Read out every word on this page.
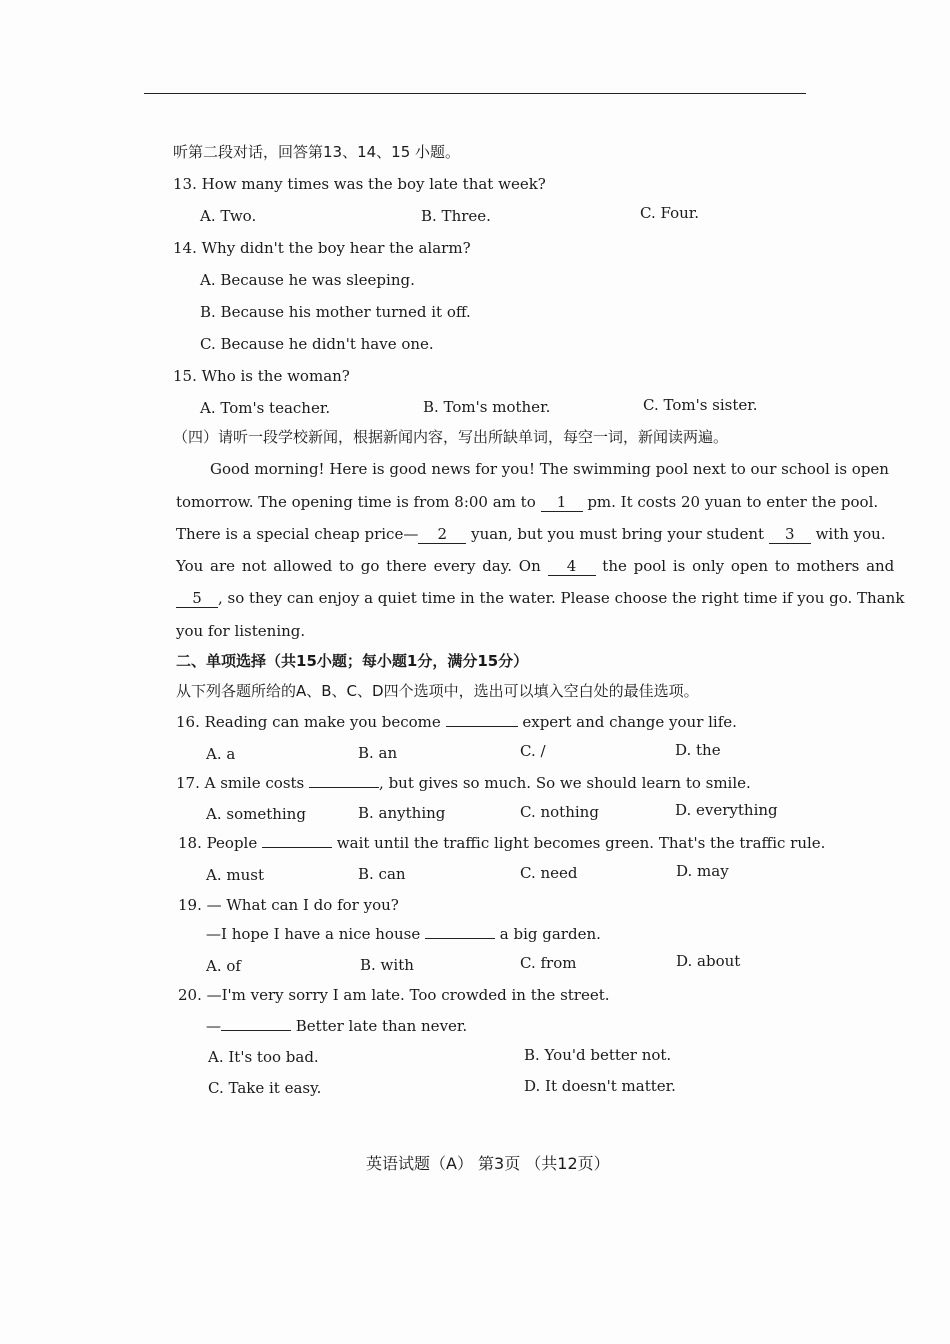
听第二段对话，回答第13、14、15 小题。
13. How many times was the boy late that week?
A. Two.	B. Three.	C. Four.
14. Why didn't the boy hear the alarm?
A. Because he was sleeping.
B. Because his mother turned it off.
C. Because he didn't have one.
15. Who is the woman?
A. Tom's teacher.	B. Tom's mother.	C. Tom's sister.
（四）请听一段学校新闻，根据新闻内容，写出所缺单词，每空一词，新闻读两遍。
Good morning! Here is good news for you! The swimming pool next to our school is open
tomorrow. The opening time is from 8:00 am to 1 pm. It costs 20 yuan to enter the pool.
There is a special cheap price— 2 yuan, but you must bring your student 3 with you.
You are not allowed to go there every day. On 4 the pool is only open to mothers and
5 , so they can enjoy a quiet time in the water. Please choose the right time if you go. Thank
you for listening.
二、单项选择（共15小题；每小题1分，满分15分）
从下列各题所给的A、B、C、D四个选项中，选出可以填入空白处的最佳选项。
16. Reading can make you become	expert and change your life.
A. a	B. an	C. /	D. the
17. A smile costs	, but gives so much. So we should learn to smile.
A. something	B. anything	C. nothing	D. everything
18. People	wait until the traffic light becomes green. That's the traffic rule.
A. must	B. can	C. need	D. may
19. — What can I do for you?
—I hope I have a nice house	a big garden.
A. of	B. with	C. from	D. about
20. —I'm very sorry I am late. Too crowded in the street.
—	Better late than never.
A. It's too bad.	B. You'd better not.
C. Take it easy.	D. It doesn't matter.
英语试题（A） 第3页 （共12页）
